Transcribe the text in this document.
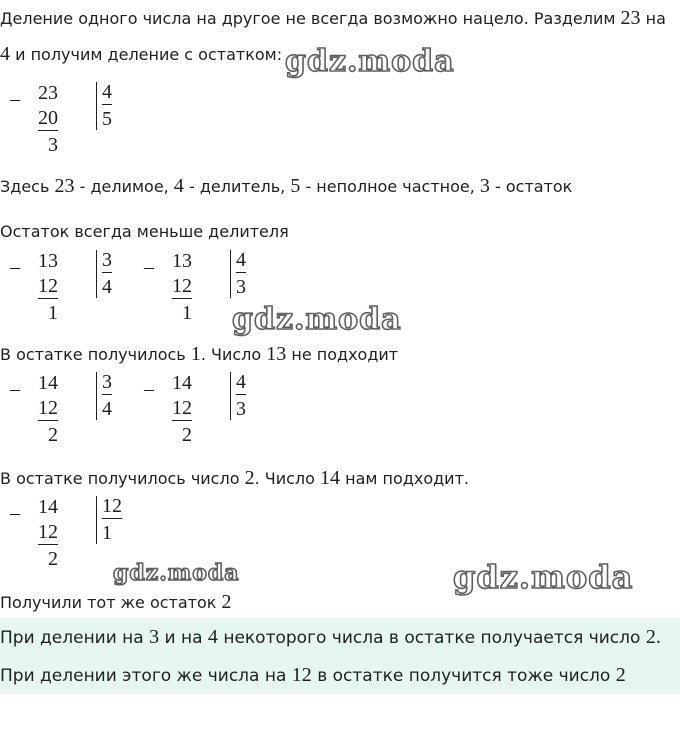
Деление одного числа на другое не всегда возможно нацело. Разделим 23 на
4 и получим деление с остатком: gdz.moda
– 23
20
3
4
5
Здесь 23 - делимое, 4 - делитель, 5 - неполное частное, 3 - остаток
Остаток всегда меньше делителя
– 13
12
1
3
4
– 13
12
1
4
3
gdz.moda
В остатке получилось 1. Число 13 не подходит
– 14
12
2
3
4
– 14
12
2
4
3
В остатке получилось число 2. Число 14 нам подходит.
– 14
12
2
12
1
gdz.moda	gdz.moda
Получили тот же остаток 2
При делении на 3 и на 4 некоторого числа в остатке получается число 2.
При делении этого же числа на 12 в остатке получится тоже число 2
